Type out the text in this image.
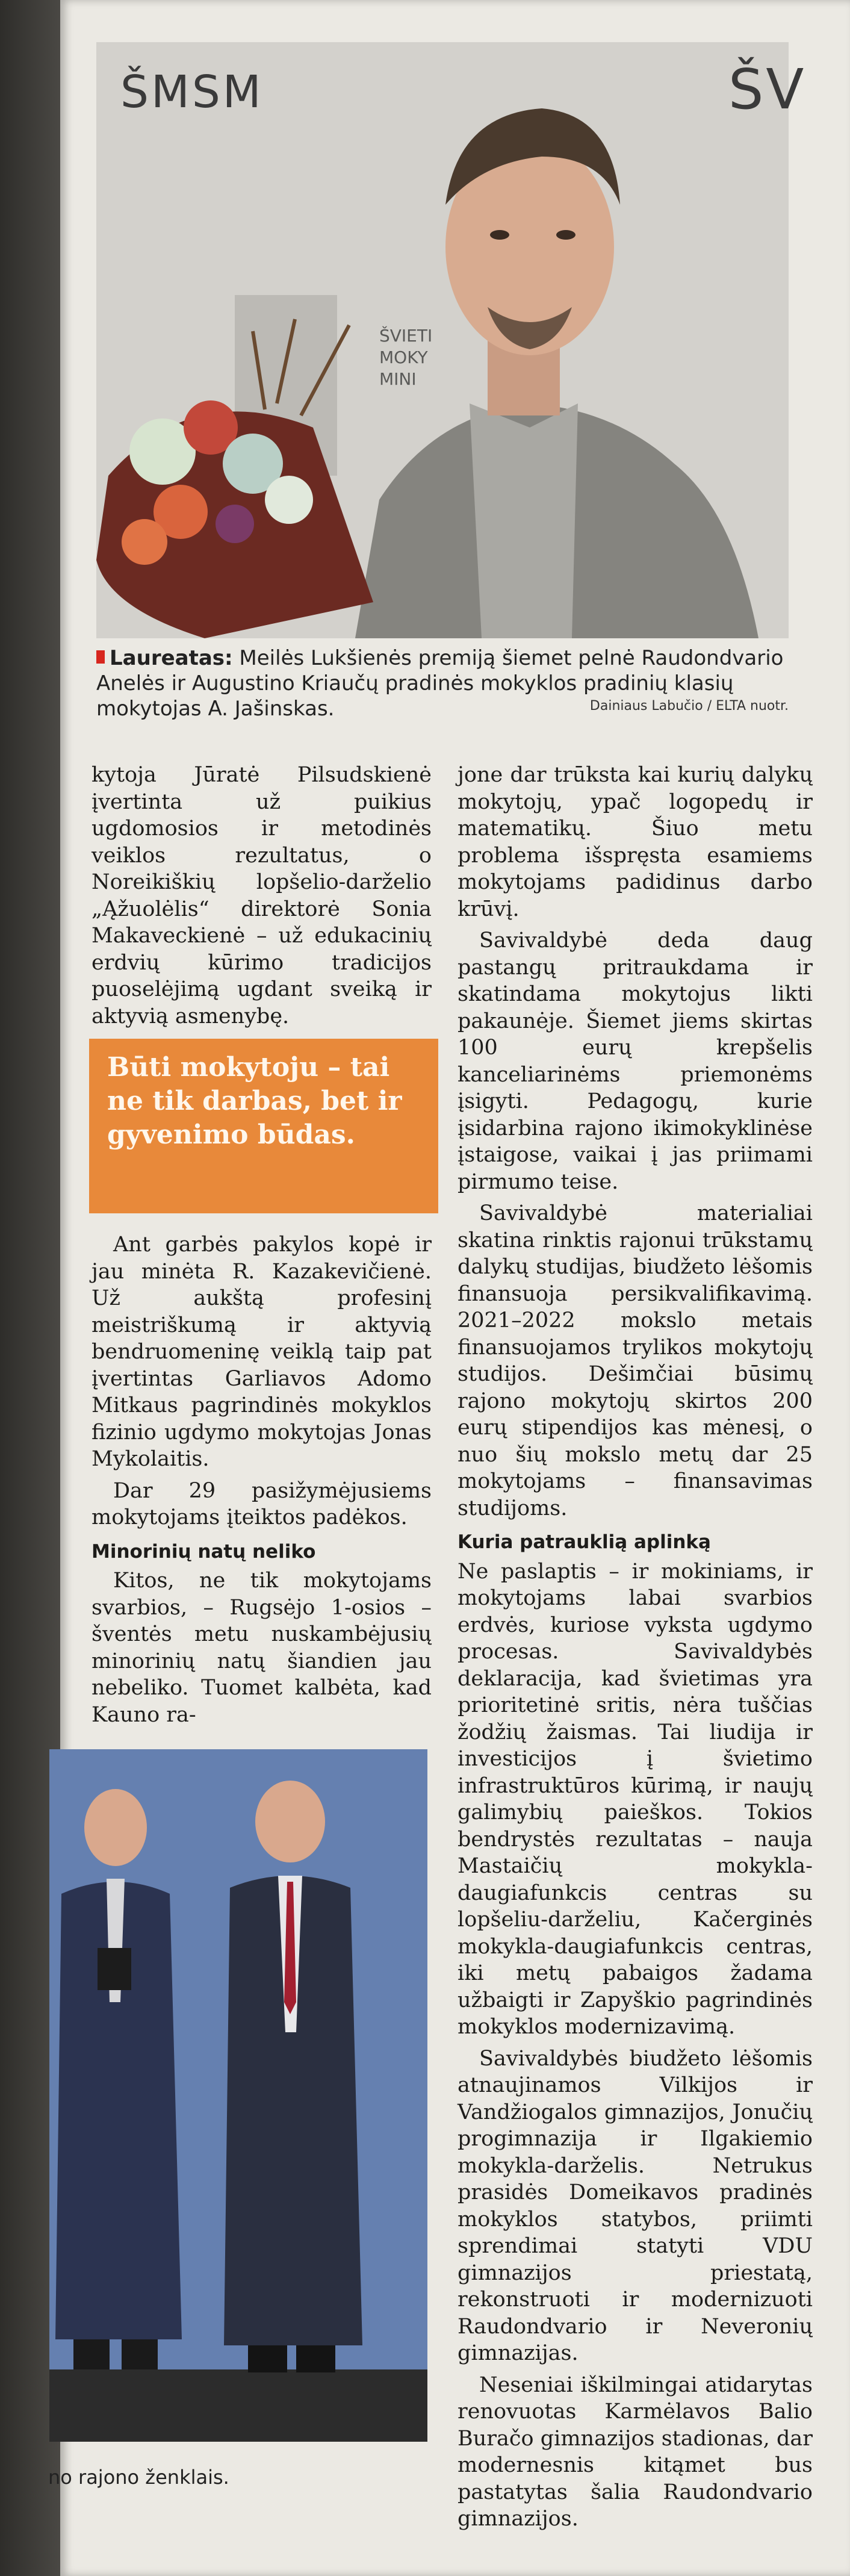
ŠMSM	ŠV
ŠVIETI
MOKY
MINI
Laureatas: Meilės Lukšienės premiją šiemet pelnė Raudondvario Anelės ir Augustino Kriaučų pradinės mokyklos pradinių klasių mokytojas A. Jašinskas.	Dainiaus Labučio / ELTA nuotr.

kytoja Jūratė Pilsudskienė įvertinta už puikius ugdomosios ir metodinės veiklos rezultatus, o Noreikiškių lopšelio-darželio „Ąžuolėlis“ direktorė Sonia Makaveckienė – už edukacinių erdvių kūrimo tradicijos puoselėjimą ugdant sveiką ir aktyvią asmenybę.

Būti mokytoju – tai ne tik darbas, bet ir gyvenimo būdas.

Ant garbės pakylos kopė ir jau minėta R. Kazakevičienė. Už aukštą profesinį meistriškumą ir aktyvią bendruomeninę veiklą taip pat įvertintas Garliavos Adomo Mitkaus pagrindinės mokyklos fizinio ugdymo mokytojas Jonas Mykolaitis.

Dar 29 pasižymėjusiems mokytojams įteiktos padėkos.

Minorinių natų neliko

Kitos, ne tik mokytojams svarbios, – Rugsėjo 1-osios –šventės metu nuskambėjusių minorinių natų šiandien jau nebeliko. Tuomet kalbėta, kad Kauno ra-

jone dar trūksta kai kurių dalykų mokytojų, ypač logopedų ir matematikų. Šiuo metu problema išspręsta esamiems mokytojams padidinus darbo krūvį.

Savivaldybė deda daug pastangų pritraukdama ir skatindama mokytojus likti pakaunėje. Šiemet jiems skirtas 100 eurų krepšelis kanceliarinėms priemonėms įsigyti. Pedagogų, kurie įsidarbina rajono ikimokyklinėse įstaigose, vaikai į jas priimami pirmumo teise.

Savivaldybė materialiai skatina rinktis rajonui trūkstamų dalykų studijas, biudžeto lėšomis finansuoja persikvalifikavimą. 2021–2022 mokslo metais finansuojamos trylikos mokytojų studijos. Dešimčiai būsimų rajono mokytojų skirtos 200 eurų stipendijos kas mėnesį, o nuo šių mokslo metų dar 25 mokytojams – finansavimas studijoms.

Kuria patrauklią aplinką

Ne paslaptis – ir mokiniams, ir mokytojams labai svarbios erdvės, kuriose vyksta ugdymo procesas. Savivaldybės deklaracija, kad švietimas yra prioritetinė sritis, nėra tuščias žodžių žaismas. Tai liudija ir investicijos į švietimo infrastruktūros kūrimą, ir naujų galimybių paieškos. Tokios bendrystės rezultatas – nauja Mastaičių mokykla-daugiafunkcis centras su lopšeliu-darželiu, Kačerginės mokykla-daugiafunkcis centras, iki metų pabaigos žadama užbaigti ir Zapyškio pagrindinės mokyklos modernizavimą.

Savivaldybės biudžeto lėšomis atnaujinamos Vilkijos ir Vandžiogalos gimnazijos, Jonučių progimnazija ir Ilgakiemio mokykla-darželis. Netrukus prasidės Domeikavos pradinės mokyklos statybos, priimti sprendimai statyti VDU gimnazijos priestatą, rekonstruoti ir modernizuoti Raudondvario ir Neveronių gimnazijas.

Neseniai iškilmingai atidarytas renovuotas Karmėlavos Balio Buračo gimnazijos stadionas, dar modernesnis kitąmet bus pastatytas šalia Raudondvario gimnazijos.

no rajono ženklais.
